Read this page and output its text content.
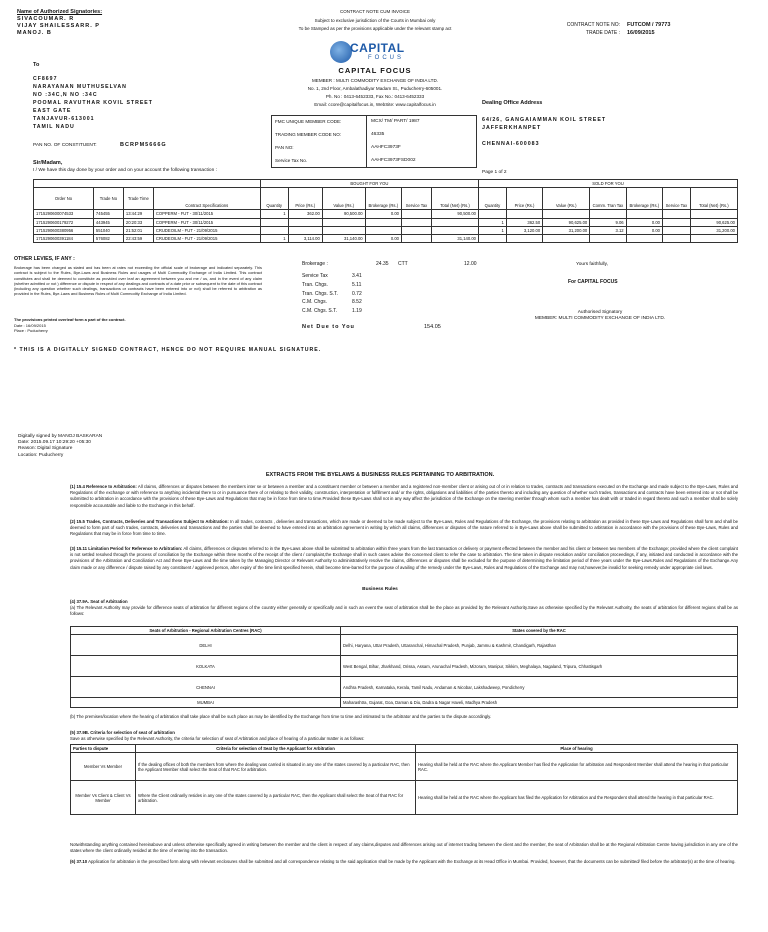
Name of Authorized Signatories:
SIVACOUMAR. R
VIJAY SHAILESSARR. P
MANOJ. B
CONTRACT NOTE CUM INVOICE
Subject to exclusive jurisdiction of the Courts in Mumbai only
To be Stamped as per the provisions applicable under the relevant stamp act
CONTRACT NOTE NO:
TRADE DATE :
FUTCOM / 79773
16/09/2015
CAPITAL
FOCUS
CAPITAL FOCUS
MEMBER : MULTI COMMODITY EXCHANGE OF INDIA LTD.
No. 1, 2nd Floor, Ambalathadiyar Madam St., Puducherry-605001.
Ph. No : 0413-6452333, Fax No.: 0413-6452333
Email: ccore@capitalfocus.in, WebSite: www.capitalfocus.in
To
CF8697
NARAYANAN MUTHUSELVAN
NO :34C,N NO :34C
POOMAL RAVUTHAR KOVIL STREET
EAST GATE
TANJAVUR-613001
TAMIL NADU
PAN NO. OF CONSTITUENT:	BCRPM5666G
FMC UNIQUE MEMBER CODE:	MCX/ TM/ PART/ 1987
TRADING MEMBER CODE NO:	46335
PAN NO:	AAHFC3973F
Service Tax No.	AAHFC3973FSD002
Dealing Office Address
64/26, GANGAIAMMAN KOIL STREET
JAFFERKHANPET
CHENNAI-600083
Sir/Madam,
I / We have this day done by your order and on your account the following transaction :	Page 1 of 2
				BOUGHT FOR YOU						SOLD FOR YOU						
Order No	Trade No	Trade Time	Contract Specifications	Quantity	Price (Rs.)	Value (Rs.)	Brokerage (Rs.)	Service Tax	Total (Net) (Rs.)	Quantity	Price (Rs.)	Value (Rs.)	Comm. Tran Tax	Brokerage (Rs.)	Service Tax	Total (Net) (Rs.)
1715290600074533	745455	13:44:29	COPPERM - FUT - 30/11/2015	1	362.00	90,500.00	0.00		90,500.00							
1715290600179272	443945	20:20:33	COPPERM - FUT - 30/11/2015							1	362.50	90,625.00	9.06	0.00		90,625.00
1715290600380956	551040	21:52:01	CRUDEOILM - FUT - 21/09/2015							1	3,120.00	31,200.00	3.12	0.00		31,200.00
1715290600391184	576082	22:43:59	CRUDEOILM - FUT - 21/09/2015	1	3,114.00	31,140.00	0.00		31,140.00							
OTHER LEVIES, IF ANY :
Brokerage has been charged as stated and has been at rates not exceeding the official scale of brokerage and indicated separately. This contract is subject to the Rules, Bye-Laws and Business Rules and usages of Multi Commodity Exchange of India Limited. This contract constitutes and shall be deemed to constitute as provided over leaf an agreement between you and me / us, and in the event of any claim (whether admitted or not ) difference or dispute in respect of any dealings and contracts of a date prior or subsequent to the date of this contract (including any question whether such dealings, transactions or contracts have been entered into or not) shall be referred to arbitration as provided in the Rules, Bye-Laws and Business Rules of Multi Commodity Exchange of India Limited.
The provisions printed overleaf form a part of the contract.
Date : 16/09/2015
Place : Puducherry
Brokerage :	24.35 CTT	12.00
Service Tax	3.41
Tran. Chgs.	5.11
Tran. Chgs. S.T.	0.72
C.M. Chgs.	8.52
C.M. Chgs. S.T.	1.19
Net Due to You	154.05
Yours faithfully,
For CAPITAL FOCUS
Authorised Signatory
MEMBER: MULTI COMMODITY EXCHANGE OF INDIA LTD.
* THIS IS A DIGITALLY SIGNED CONTRACT, HENCE DO NOT REQUIRE MANUAL SIGNATURE.
Digitally signed by MANOJ BASKARAN
Date: 2015.09.17 10:29:20 +05:30
Reason: Digital Signature
Location: Puducherry
EXTRACTS FROM THE BYELAWS & BUSINESS RULES PERTAINING TO ARBITRATION.
(1) 15.4 Reference to Arbitration: All claims, differences or disputes between the members inter se or between a member and a constituent member or between a member and a registered non-member client or arising out of or in relation to trades, contracts and transactions executed on the Exchange and made subject to the Bye-Laws, Rules and Regulations of the exchange or with reference to anything incidental there to or in pursuance there of or relating to their validity, construction, interpretation or fulfillment and/ or the rights, obligations and liabilities of the parties thereto and including any question of whether such trades, transactions and contracts have been entered into or not shall be submitted to arbitration in accordance with the provisions of these Bye-Laws and Regulations that may be in force from time to time.Provided these Bye-Laws shall not in any way affect the jurisdiction of the Exchange on the steering member through whom such a member has dealt with or traded in regard thereto and such a member shall be solely responsible accountable and liable to the Exchange in this behalf.
(2) 15.5 Trades, Contracts, Deliveries and Transactions Subject to Arbitration: In all trades, contracts , deliveries and transactions, which are made or deemed to be made subject to the Bye-Laws, Rules and Regulations of the Exchange, the provisions relating to arbitration as provided in these Bye-Laws and Regulations shall form and shall be deemed to form part of such trades, contracts, deliveries and transactions and the parties shall be deemed to have entered into an arbitration agreement in writing by which all claims, differences or disputes of the nature referred to in Bye-Laws above shall be submitted to arbitration in accordance with the provisions of these Bye-Laws, Rules and Regulations that may be in force from time to time.
(3) 15.11 Limitation Period for Reference to Arbitration: All claims, differences or disputes referred to in the Bye-Laws above shall be submitted to arbitration within three years from the last transaction or delivery or payment effected between the member and his client or between two members of the Exchange; provided where the client complaint is not settled resolved through the process of conciliation by the Exchange within three months of the receipt of the client / complaint,the Exchange shall in such cases advise the concerned client to refer the case to arbitration. The time taken in dispute resolution and/or conciliation proceedings, if any, initiated and conducted in accordance with the provisions of the Arbitration and Conciliation Act and these Bye-Laws and the time taken by the Managing Director or Relevant Authority to administratively resolve the claims, differences or disputes shall be excluded for the purpose of determining the limitation period of three years under the Bye-Laws.Rules and Regulations of the Exchange.Any claim made or any difference / dispute raised by any constituent / aggrieved person, after expiry of the time limit specified herein, shall become time-barred for the purpose of availing of the remedy under the Bye-Laws, Rules and Regulations of the Exchange and may not,however,be invalid for seeking remedy under appropriate civil laws.
Business Rules
(4) 37.9A. Seat of Arbitration
(a) The Relevant Authority may provide for difference seats of arbitration for different regions of the country either generally or specifically and in such an event the seat of arbitration shall be the place as provided by the Relevant Authority.Save as otherwise specified by the Relevant Authority, the seats of arbitration for different regions shall be as follows:
Seats of Arbitration - Regional Arbitration Centres (RAC)	States covered by the RAC
DELHI	Delhi, Haryana, Uttar Pradesh, Uttaranchal, Himachal Pradesh, Punjab, Jammu & Kashmir, Chandigarh, Rajasthan
KOLKATA	West Bengal, Bihar, Jharkhand, Orissa, Assam, Arunachal Pradesh, Mizoram, Manipur, Sikkim, Meghalaya, Nagaland, Tripura, Chhattisgarh
CHENNAI	Andhra Pradesh, Karnataka, Kerala, Tamil Nadu, Andaman & Nicobar, Lakshadweep, Pondicherry
MUMBAI	Maharashtra, Gujarat, Goa, Daman & Diu, Dadra & Nagar Haveli, Madhya Pradesh
(b) The premises/location where the hearing of arbitration shall take place shall be such place as may be identified by the Exchange from time to time and intimated to the arbitrator and the parties to the dispute accordingly.
(5) 37.9B. Criteria for selection of seat of arbitration
Save as otherwise specified by the Relevant Authority, the criteria for selection of seat of Arbitration and place of hearing of a particular matter is as follows:
Parties to dispute	Criteria for selection of Seat by the Applicant for Arbitration	Place of hearing
Member Vs Member	If the dealing offices of both the members from where the dealing was carried is situated in any one of the states covered by a particular RAC, then the Applicant Member shall select the Seat of that RAC for arbitration.	Hearing shall be held at the RAC where the Applicant Member has filed the Application for arbitration and Respondent Member shall attend the hearing in that particular RAC.
Member Vs Client & Client Vs Member	Where the Client ordinarily resides in any one of the states covered by a particular RAC, then the Applicant shall select the Seat of that RAC for arbitration.	Hearing shall be held at the RAC where the Applicant has filed the Application for Arbitration and the Respondent shall attend the hearing in that particular RAC.
Notwithstanding anything contained hereinabove and unless otherwise specifically agreed in writing between the member and the client in respect of any claims,disputes and differences arising out of internet trading between the client and the member, the seat of Arbitration shall be at the Regional Arbitration Centre having jurisdiction in any one of the states where the client ordinarily resided at the time of entering into the transaction.
(6) 37.10 Application for arbitration in the prescribed form along with relevant enclosures shall be submitted and all correspondence relating to the said application shall be made by the Applicant with the Exchange at its Head Office in Mumbai. Provided, however, that the documents can be submitted/ filed before the arbitrator(s) at the time of hearing.
